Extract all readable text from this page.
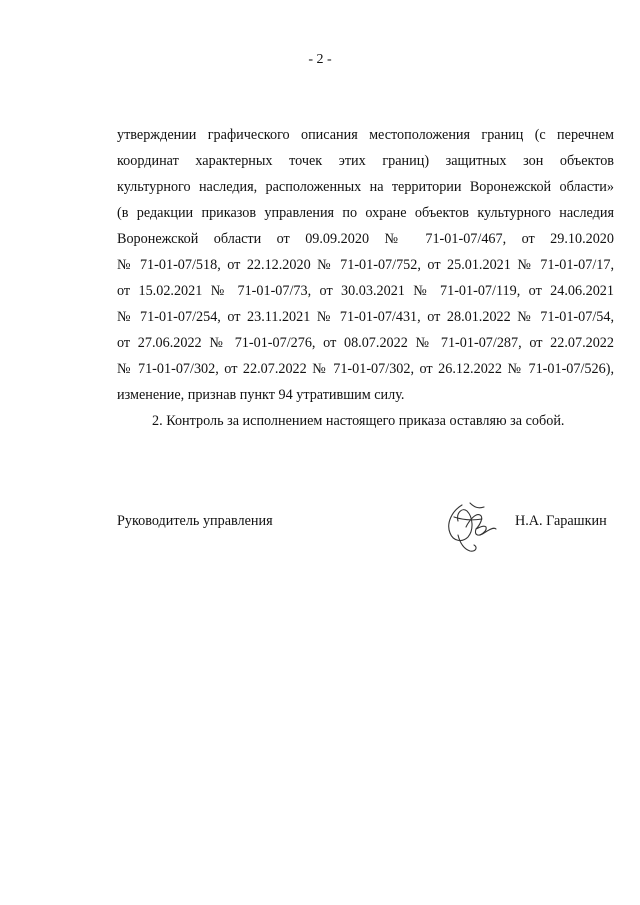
- 2 -
утверждении графического описания местоположения границ (с перечнем
координат характерных точек этих границ) защитных зон объектов
культурного наследия, расположенных на территории Воронежской области»
(в редакции приказов управления по охране объектов культурного наследия
Воронежской области от 09.09.2020 № 71-01-07/467, от 29.10.2020
№ 71-01-07/518, от 22.12.2020 № 71-01-07/752, от 25.01.2021 № 71-01-07/17,
от 15.02.2021 № 71-01-07/73, от 30.03.2021 № 71-01-07/119, от 24.06.2021
№ 71-01-07/254, от 23.11.2021 № 71-01-07/431, от 28.01.2022 № 71-01-07/54,
от 27.06.2022 № 71-01-07/276, от 08.07.2022 № 71-01-07/287, от 22.07.2022
№ 71-01-07/302, от 22.07.2022 № 71-01-07/302, от 26.12.2022 № 71-01-07/526),
изменение, признав пункт 94 утратившим силу.
2. Контроль за исполнением настоящего приказа оставляю за собой.
Руководитель управления	Н.А. Гарашкин
